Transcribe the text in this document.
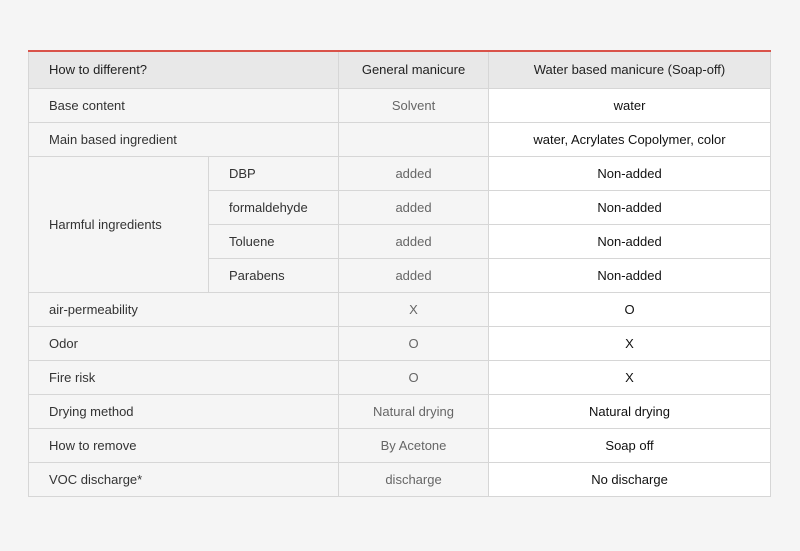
How to different?		General manicure	Water based manicure (Soap-off)
Base content		Solvent	water
Main based ingredient			water, Acrylates Copolymer, color
Harmful ingredients	DBP	added	Non-added
	formaldehyde	added	Non-added
	Toluene	added	Non-added
	Parabens	added	Non-added
air-permeability		X	O
Odor		O	X
Fire risk		O	X
Drying method		Natural drying	Natural drying
How to remove		By Acetone	Soap off
VOC discharge*		discharge	No discharge
